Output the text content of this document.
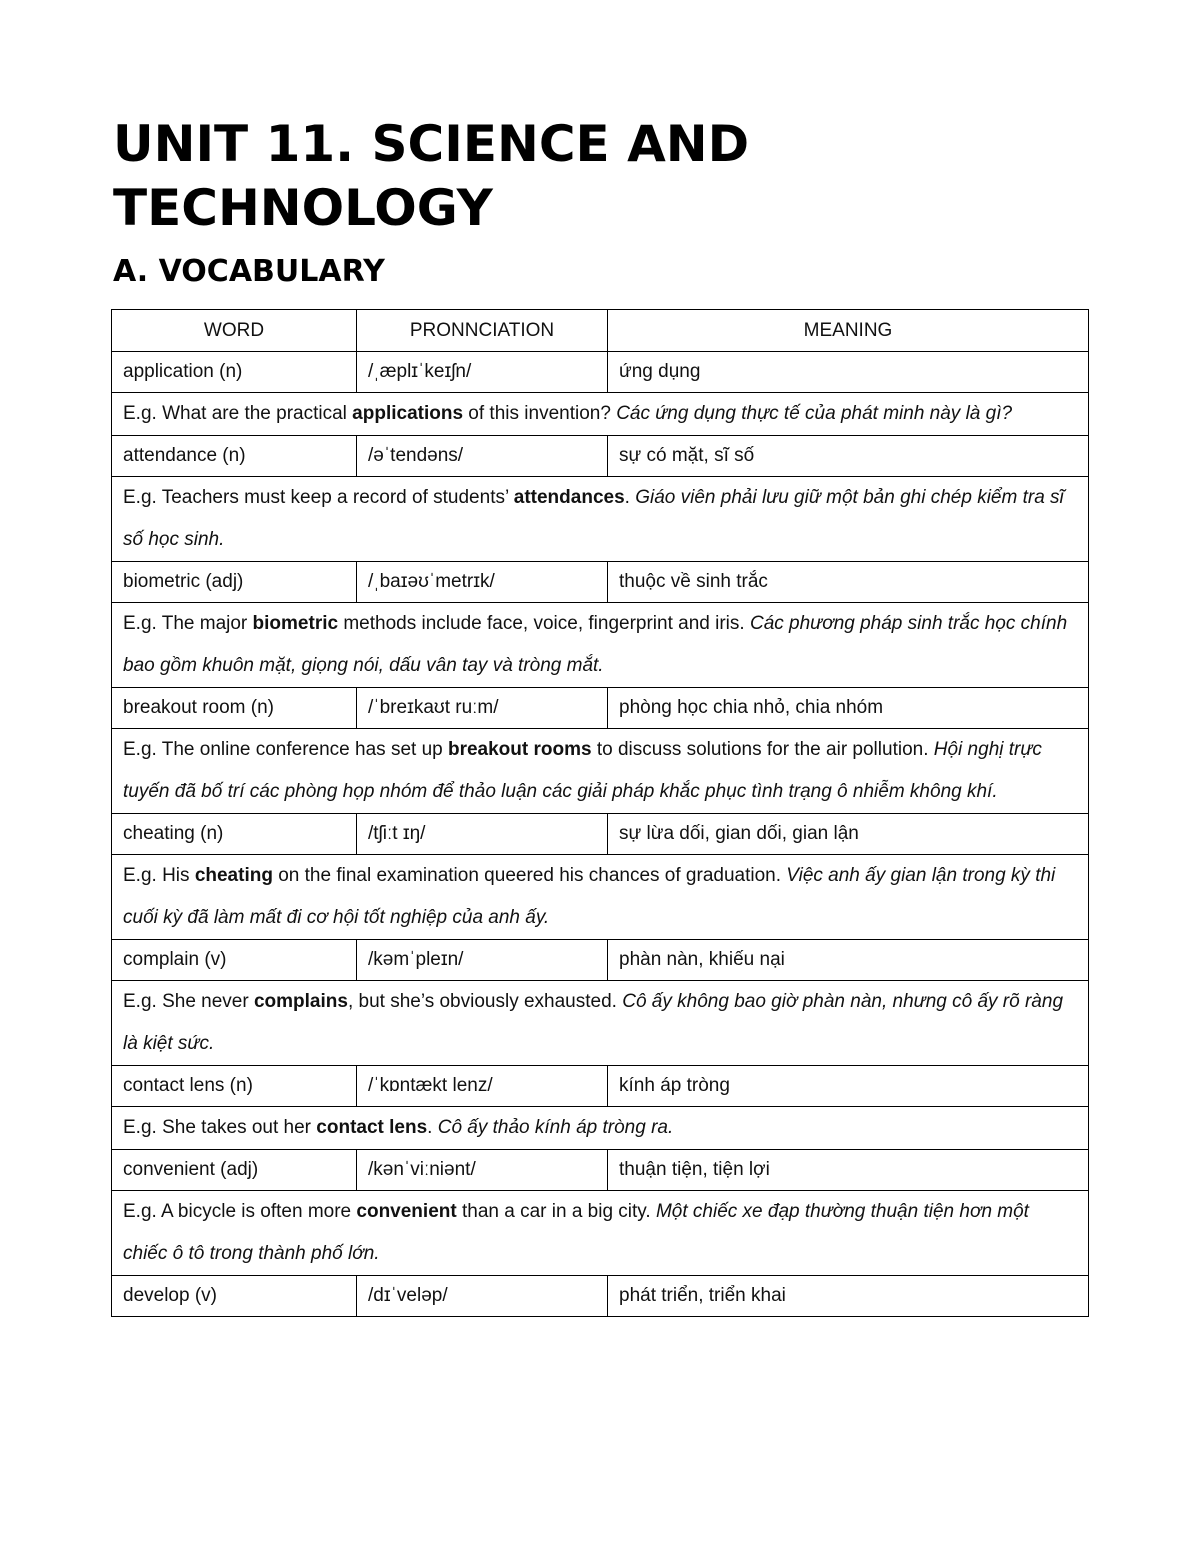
UNIT 11. SCIENCE AND TECHNOLOGY
A. VOCABULARY
WORD	PRONNCIATION	MEANING
application (n)	/ˌæplɪˈkeɪʃn/	ứng dụng
E.g. What are the practical applications of this invention? Các ứng dụng thực tế của phát minh này là gì?		
attendance (n)	/əˈtendəns/	sự có mặt, sĩ số
E.g. Teachers must keep a record of students’ attendances. Giáo viên phải lưu giữ một bản ghi chép kiểm tra sĩ số học sinh.		
biometric (adj)	/ˌbaɪəʊˈmetrɪk/	thuộc về sinh trắc
E.g. The major biometric methods include face, voice, fingerprint and iris. Các phương pháp sinh trắc học chính bao gồm khuôn mặt, giọng nói, dấu vân tay và tròng mắt.		
breakout room (n)	/ˈbreɪkaʊt ruːm/	phòng học chia nhỏ, chia nhóm
E.g. The online conference has set up breakout rooms to discuss solutions for the air pollution. Hội nghị trực tuyến đã bố trí các phòng họp nhóm để thảo luận các giải pháp khắc phục tình trạng ô nhiễm không khí.		
cheating (n)	/tʃiːt ɪŋ/	sự lừa dối, gian dối, gian lận
E.g. His cheating on the final examination queered his chances of graduation. Việc anh ấy gian lận trong kỳ thi cuối kỳ đã làm mất đi cơ hội tốt nghiệp của anh ấy.		
complain (v)	/kəmˈpleɪn/	phàn nàn, khiếu nại
E.g. She never complains, but she’s obviously exhausted. Cô ấy không bao giờ phàn nàn, nhưng cô ấy rõ ràng là kiệt sức.		
contact lens (n)	/ˈkɒntækt lenz/	kính áp tròng
E.g. She takes out her contact lens. Cô ấy thảo kính áp tròng ra.		
convenient (adj)	/kənˈviːniənt/	thuận tiện, tiện lợi
E.g. A bicycle is often more convenient than a car in a big city. Một chiếc xe đạp thường thuận tiện hơn một chiếc ô tô trong thành phố lớn.		
develop (v)	/dɪˈveləp/	phát triển, triển khai
